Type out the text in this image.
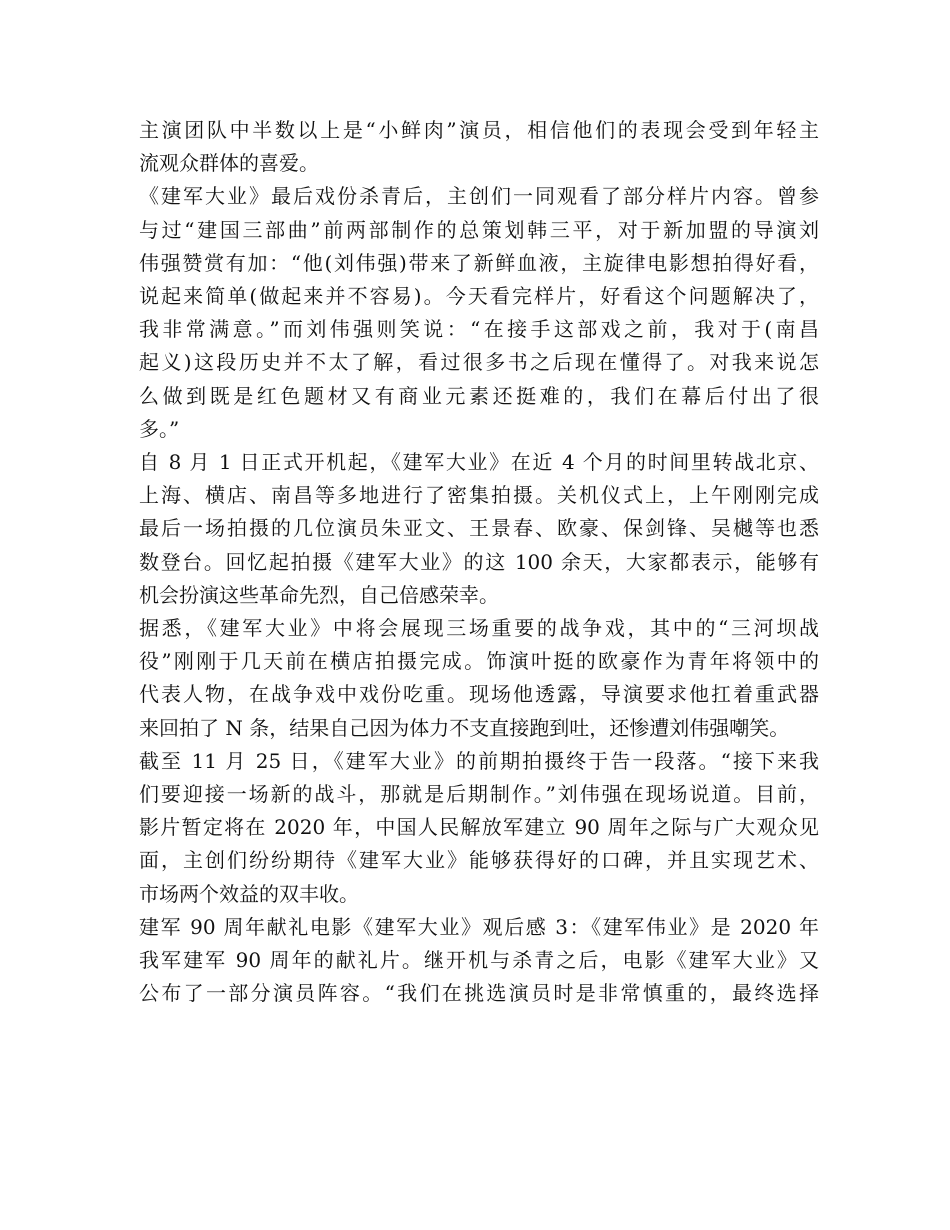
主演团队中半数以上是“小鲜肉”演员，相信他们的表现会受到年轻主
流观众群体的喜爱。
《建军大业》最后戏份杀青后，主创们一同观看了部分样片内容。曾参
与过“建国三部曲”前两部制作的总策划韩三平，对于新加盟的导演刘
伟强赞赏有加：“他(刘伟强)带来了新鲜血液，主旋律电影想拍得好看，
说起来简单(做起来并不容易)。今天看完样片，好看这个问题解决了，
我非常满意。”而刘伟强则笑说：“在接手这部戏之前，我对于(南昌
起义)这段历史并不太了解，看过很多书之后现在懂得了。对我来说怎
么做到既是红色题材又有商业元素还挺难的，我们在幕后付出了很
多。”
自 8 月 1 日正式开机起，《建军大业》在近 4 个月的时间里转战北京、
上海、横店、南昌等多地进行了密集拍摄。关机仪式上，上午刚刚完成
最后一场拍摄的几位演员朱亚文、王景春、欧豪、保剑锋、吴樾等也悉
数登台。回忆起拍摄《建军大业》的这 100 余天，大家都表示，能够有
机会扮演这些革命先烈，自己倍感荣幸。
据悉，《建军大业》中将会展现三场重要的战争戏，其中的“三河坝战
役”刚刚于几天前在横店拍摄完成。饰演叶挺的欧豪作为青年将领中的
代表人物，在战争戏中戏份吃重。现场他透露，导演要求他扛着重武器
来回拍了 N 条，结果自己因为体力不支直接跑到吐，还惨遭刘伟强嘲笑。
截至 11 月 25 日，《建军大业》的前期拍摄终于告一段落。“接下来我
们要迎接一场新的战斗，那就是后期制作。”刘伟强在现场说道。目前，
影片暂定将在 2020 年，中国人民解放军建立 90 周年之际与广大观众见
面，主创们纷纷期待《建军大业》能够获得好的口碑，并且实现艺术、
市场两个效益的双丰收。
建军 90 周年献礼电影《建军大业》观后感 3：《建军伟业》是 2020 年
我军建军 90 周年的献礼片。继开机与杀青之后，电影《建军大业》又
公布了一部分演员阵容。“我们在挑选演员时是非常慎重的，最终选择
